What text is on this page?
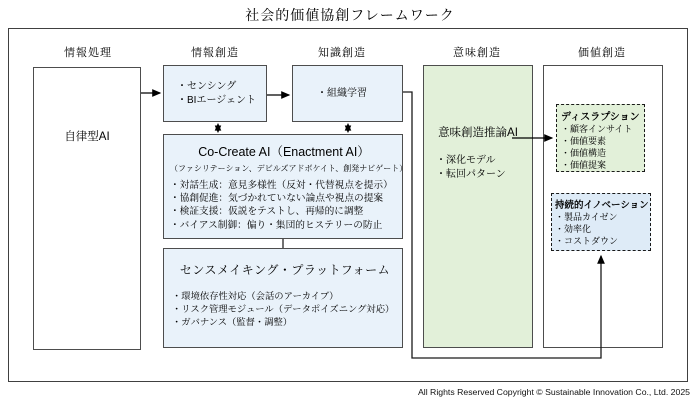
社会的価値協創フレームワーク
情報処理	情報創造	知識創造	意味創造	価値創造
自律型AI
・センシング
・BIエージェント
・組織学習
Co-Create AI（Enactment AI）
（ファシリテーション、デビルズアドボケイト、創発ナビゲート）
・対話生成：意見多様性（反対・代替視点を提示）
・協創促進：気づかれていない論点や視点の提案
・検証支援：仮説をテストし、再帰的に調整
・バイアス制御：偏り・集団的ヒステリーの防止
センスメイキング・プラットフォーム
・環境依存性対応（会話のアーカイブ）
・リスク管理モジュール（データポイズニング対応）
・ガバナンス（監督・調整）
意味創造推論AI
・深化モデル
・転回パターン
ディスラプション
・顧客インサイト
・価値要素
・価値構造
・価値提案
持続的イノベーション
・製品カイゼン
・効率化
・コストダウン
All Rights Reserved Copyright © Sustainable Innovation Co., Ltd. 2025
